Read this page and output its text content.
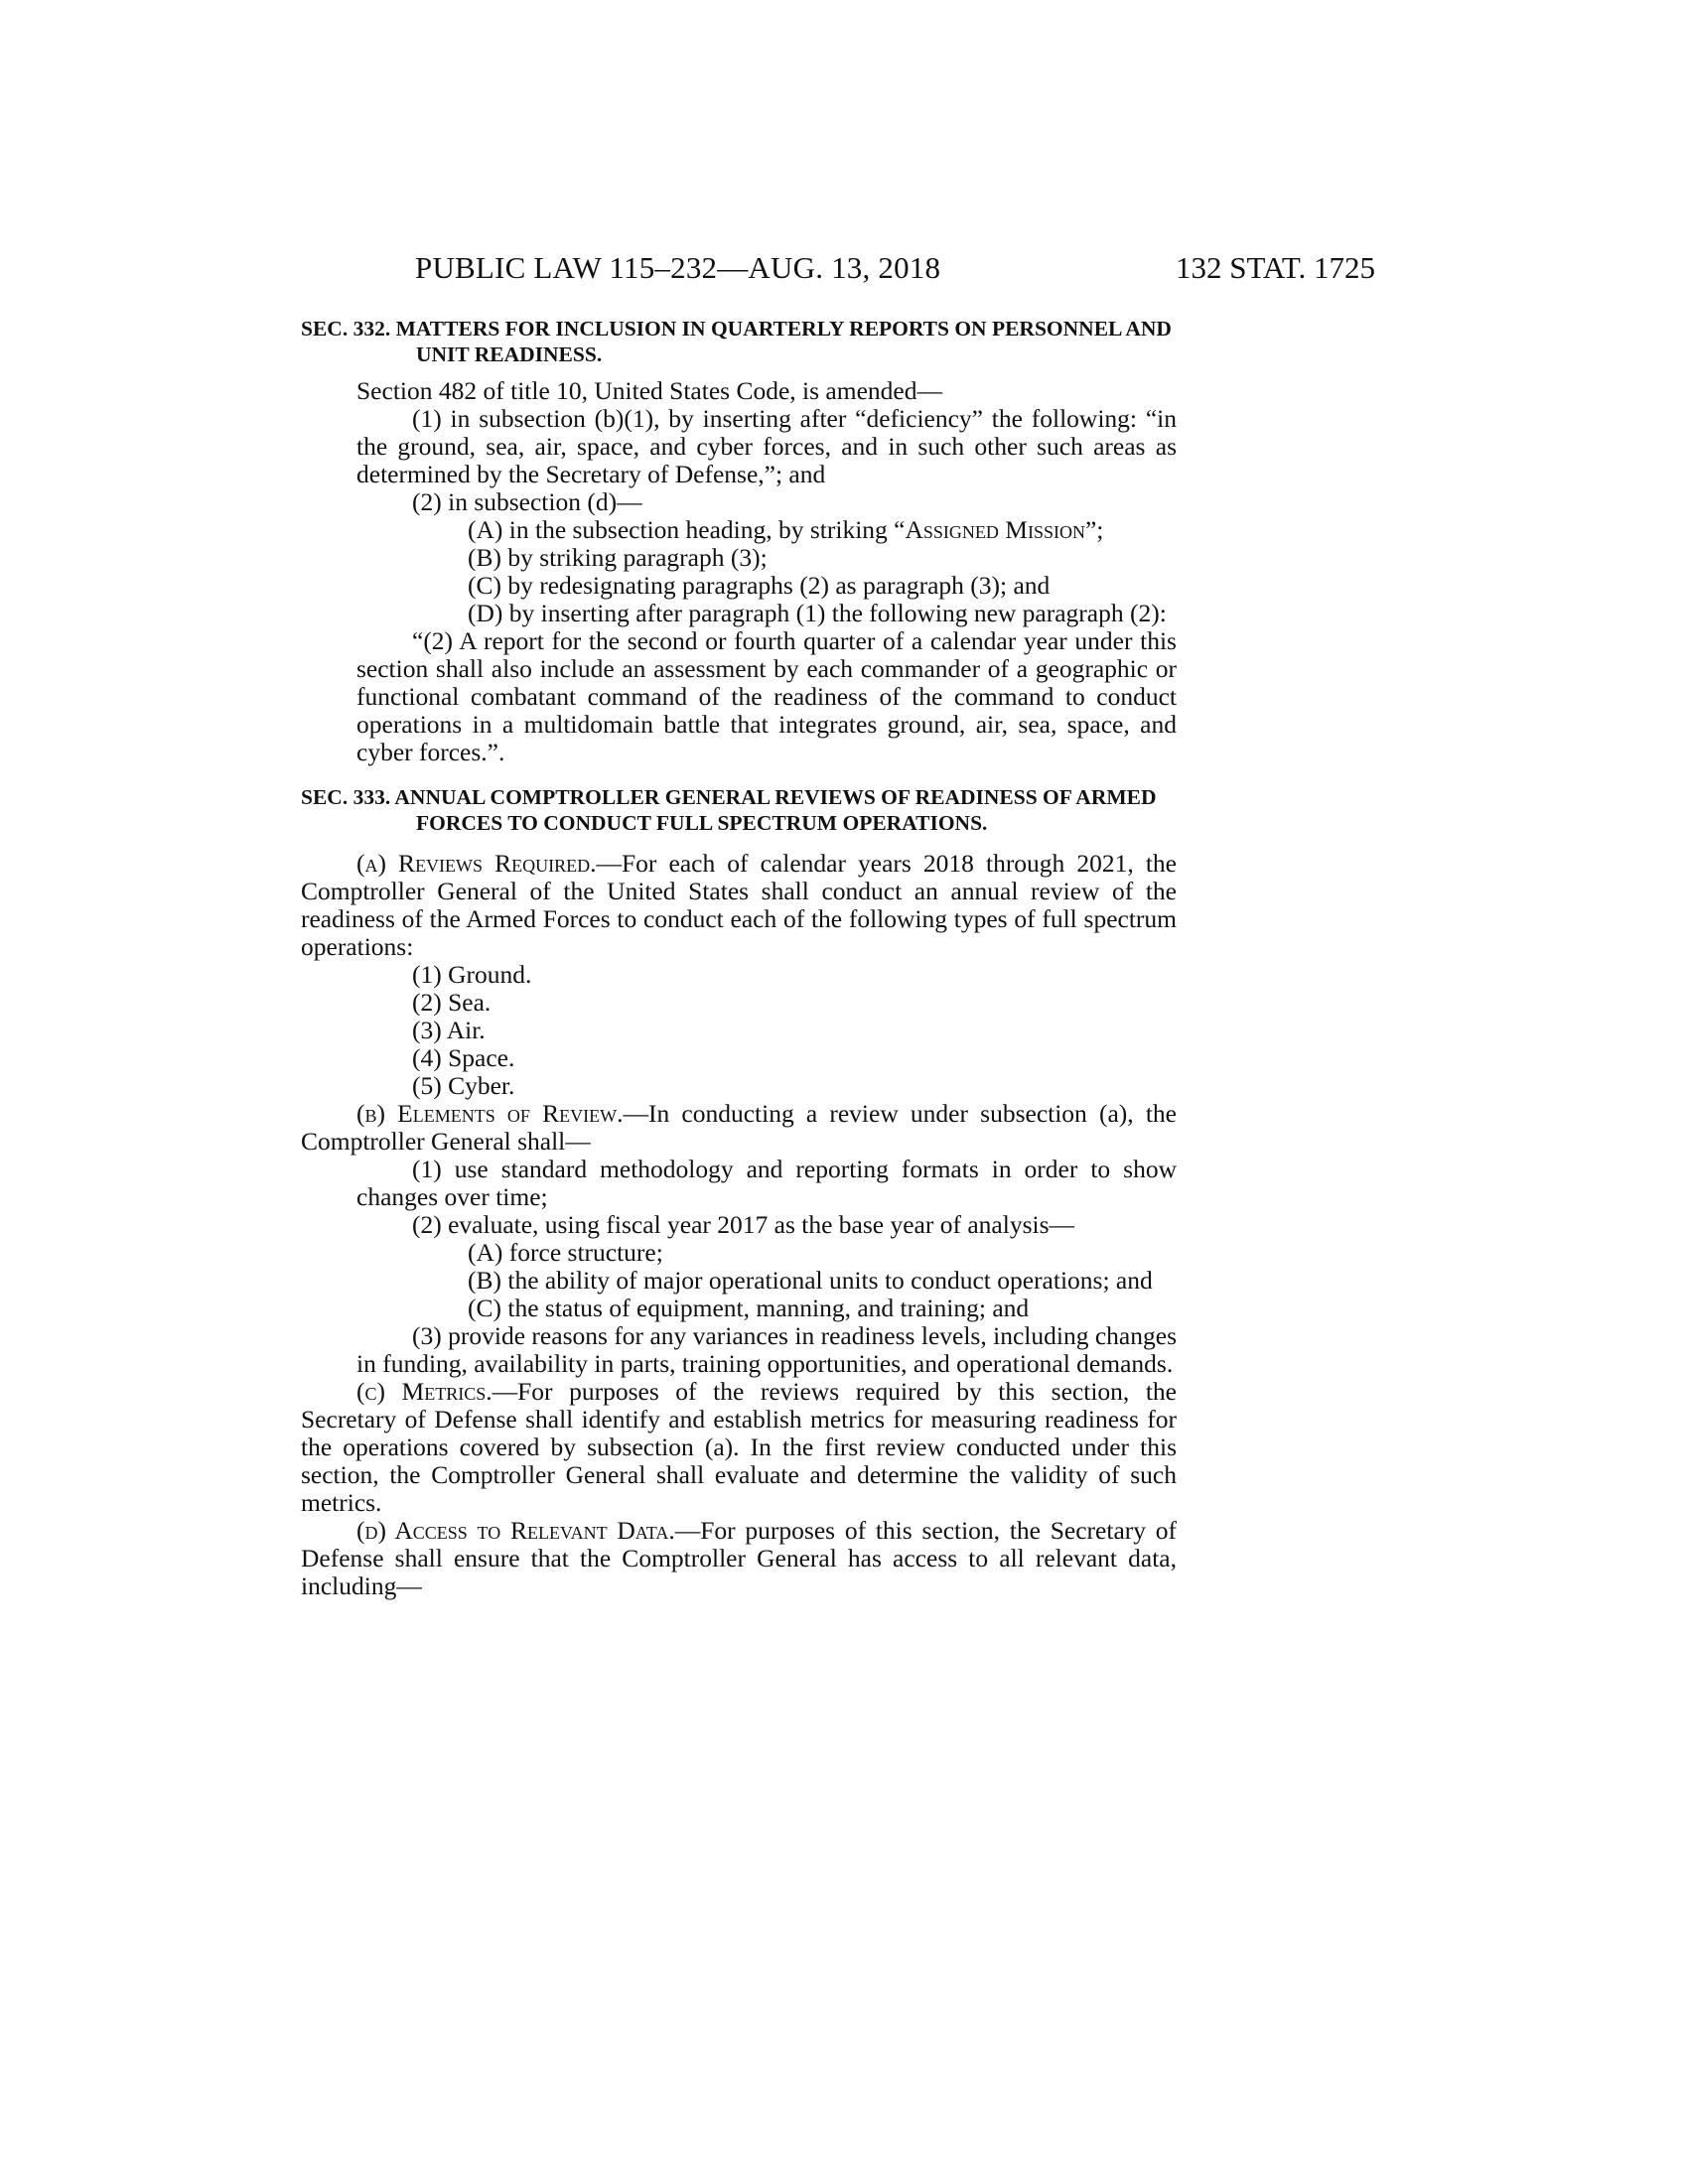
PUBLIC LAW 115–232—AUG. 13, 2018	132 STAT. 1725

SEC. 332. MATTERS FOR INCLUSION IN QUARTERLY REPORTS ON PERSONNEL AND UNIT READINESS.

Section 482 of title 10, United States Code, is amended—

(1) in subsection (b)(1), by inserting after “deficiency” the following: “in the ground, sea, air, space, and cyber forces, and in such other such areas as determined by the Secretary of Defense,”; and

(2) in subsection (d)—

(A) in the subsection heading, by striking “Assigned Mission”;

(B) by striking paragraph (3);

(C) by redesignating paragraphs (2) as paragraph (3); and

(D) by inserting after paragraph (1) the following new paragraph (2):

“(2) A report for the second or fourth quarter of a calendar year under this section shall also include an assessment by each commander of a geographic or functional combatant command of the readiness of the command to conduct operations in a multidomain battle that integrates ground, air, sea, space, and cyber forces.”.

SEC. 333. ANNUAL COMPTROLLER GENERAL REVIEWS OF READINESS OF ARMED FORCES TO CONDUCT FULL SPECTRUM OPERATIONS.

(a) Reviews Required.—For each of calendar years 2018 through 2021, the Comptroller General of the United States shall conduct an annual review of the readiness of the Armed Forces to conduct each of the following types of full spectrum operations:

(1) Ground.

(2) Sea.

(3) Air.

(4) Space.

(5) Cyber.

(b) Elements of Review.—In conducting a review under subsection (a), the Comptroller General shall—

(1) use standard methodology and reporting formats in order to show changes over time;

(2) evaluate, using fiscal year 2017 as the base year of analysis—

(A) force structure;

(B) the ability of major operational units to conduct operations; and

(C) the status of equipment, manning, and training; and

(3) provide reasons for any variances in readiness levels, including changes in funding, availability in parts, training opportunities, and operational demands.

(c) Metrics.—For purposes of the reviews required by this section, the Secretary of Defense shall identify and establish metrics for measuring readiness for the operations covered by subsection (a). In the first review conducted under this section, the Comptroller General shall evaluate and determine the validity of such metrics.

(d) Access to Relevant Data.—For purposes of this section, the Secretary of Defense shall ensure that the Comptroller General has access to all relevant data, including—
